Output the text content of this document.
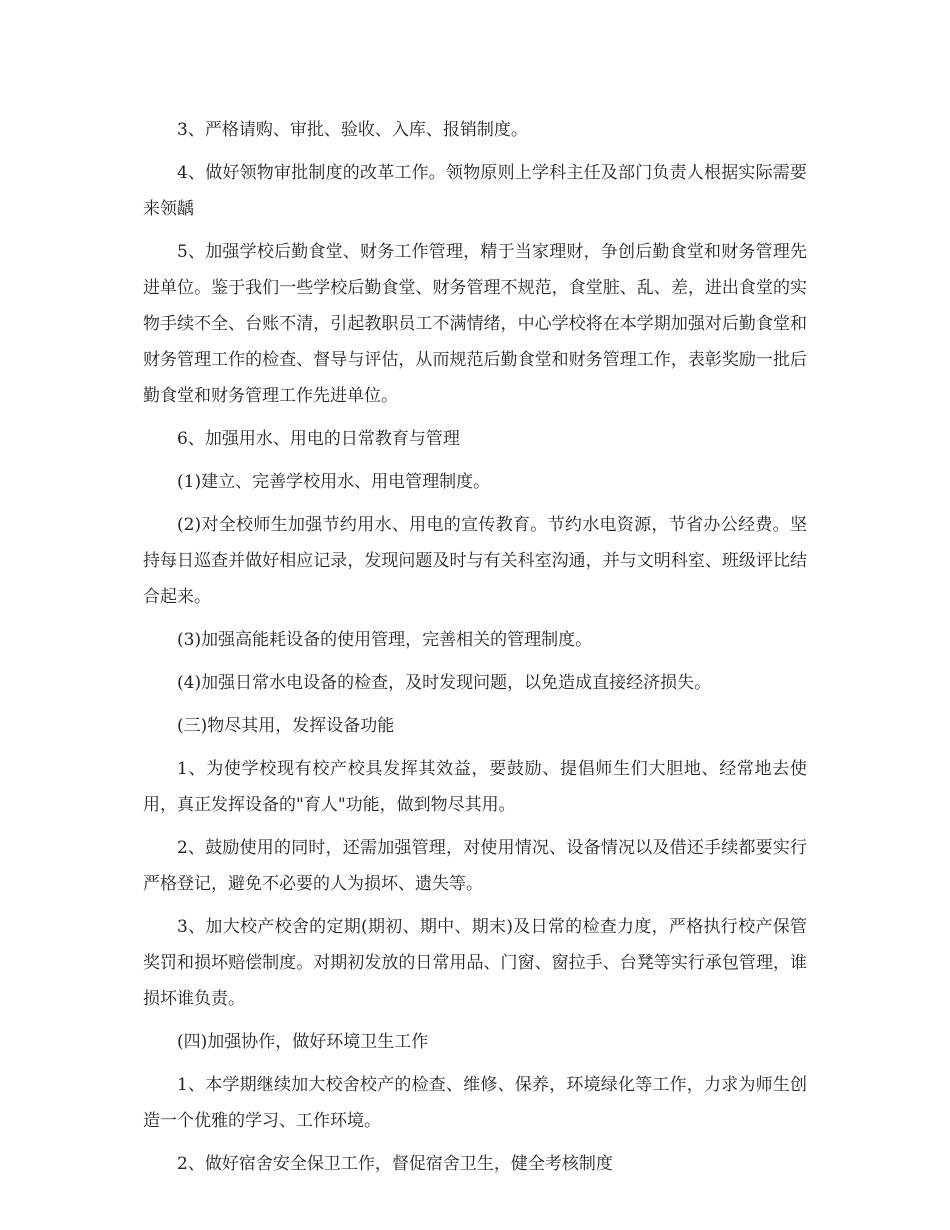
3、严格请购、审批、验收、入库、报销制度。

4、做好领物审批制度的改革工作。领物原则上学科主任及部门负责人根据实际需要来领龋

5、加强学校后勤食堂、财务工作管理，精于当家理财，争创后勤食堂和财务管理先进单位。鉴于我们一些学校后勤食堂、财务管理不规范，食堂脏、乱、差，进出食堂的实物手续不全、台账不清，引起教职员工不满情绪，中心学校将在本学期加强对后勤食堂和财务管理工作的检查、督导与评估，从而规范后勤食堂和财务管理工作，表彰奖励一批后勤食堂和财务管理工作先进单位。

6、加强用水、用电的日常教育与管理

(1)建立、完善学校用水、用电管理制度。

(2)对全校师生加强节约用水、用电的宣传教育。节约水电资源，节省办公经费。坚持每日巡查并做好相应记录，发现问题及时与有关科室沟通，并与文明科室、班级评比结合起来。

(3)加强高能耗设备的使用管理，完善相关的管理制度。

(4)加强日常水电设备的检查，及时发现问题，以免造成直接经济损失。

(三)物尽其用，发挥设备功能

1、为使学校现有校产校具发挥其效益，要鼓励、提倡师生们大胆地、经常地去使用，真正发挥设备的"育人"功能，做到物尽其用。

2、鼓励使用的同时，还需加强管理，对使用情况、设备情况以及借还手续都要实行严格登记，避免不必要的人为损坏、遗失等。

3、加大校产校舍的定期(期初、期中、期末)及日常的检查力度，严格执行校产保管奖罚和损坏赔偿制度。对期初发放的日常用品、门窗、窗拉手、台凳等实行承包管理，谁损坏谁负责。

(四)加强协作，做好环境卫生工作

1、本学期继续加大校舍校产的检查、维修、保养，环境绿化等工作，力求为师生创造一个优雅的学习、工作环境。

2、做好宿舍安全保卫工作，督促宿舍卫生，健全考核制度
